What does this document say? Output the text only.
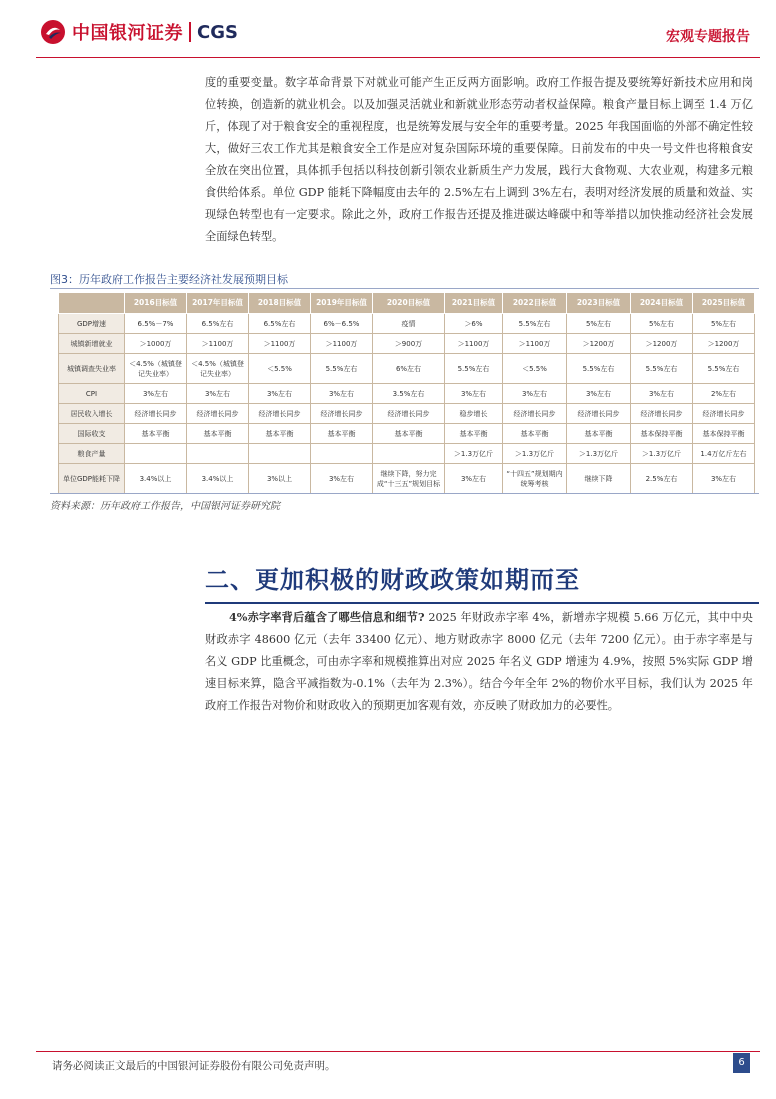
中国银河证券 CGS	宏观专题报告

度的重要变量。数字革命背景下对就业可能产生正反两方面影响。政府工作报告提及要统筹好新技术应用和岗位转换，创造新的就业机会。以及加强灵活就业和新就业形态劳动者权益保障。粮食产量目标上调至 1.4 万亿斤，体现了对于粮食安全的重视程度，也是统筹发展与安全年的重要考量。2025 年我国面临的外部不确定性较大，做好三农工作尤其是粮食安全工作是应对复杂国际环境的重要保障。日前发布的中央一号文件也将粮食安全放在突出位置，具体抓手包括以科技创新引领农业新质生产力发展，践行大食物观、大农业观，构建多元粮食供给体系。单位 GDP 能耗下降幅度由去年的 2.5%左右上调到 3%左右，表明对经济发展的质量和效益、实现绿色转型也有一定要求。除此之外，政府工作报告还提及推进碳达峰碳中和等举措以加快推动经济社会发展全面绿色转型。

图3：历年政府工作报告主要经济社发展预期目标
	2016目标值	2017年目标值	2018目标值	2019年目标值	2020目标值	2021目标值	2022目标值	2023目标值	2024目标值	2025目标值
GDP增速	6.5%－7%	6.5%左右	6.5%左右	6%－6.5%	疫情	＞6%	5.5%左右	5%左右	5%左右	5%左右
城镇新增就业	＞1000万	＞1100万	＞1100万	＞1100万	＞900万	＞1100万	＞1100万	＞1200万	＞1200万	＞1200万
城镇调查失业率	＜4.5%（城镇登记失业率）	＜4.5%（城镇登记失业率）	＜5.5%	5.5%左右	6%左右	5.5%左右	＜5.5%	5.5%左右	5.5%左右	5.5%左右
CPI	3%左右	3%左右	3%左右	3%左右	3.5%左右	3%左右	3%左右	3%左右	3%左右	2%左右
居民收入增长	经济增长同步	经济增长同步	经济增长同步	经济增长同步	经济增长同步	稳步增长	经济增长同步	经济增长同步	经济增长同步	经济增长同步
国际收支	基本平衡	基本平衡	基本平衡	基本平衡	基本平衡	基本平衡	基本平衡	基本平衡	基本保持平衡	基本保持平衡
粮食产量						＞1.3万亿斤	＞1.3万亿斤	＞1.3万亿斤	＞1.3万亿斤	1.4万亿斤左右
单位GDP能耗下降	3.4%以上	3.4%以上	3%以上	3%左右	继续下降，努力完成“十三五”规划目标	3%左右	“十四五”规划期内统筹考核	继续下降	2.5%左右	3%左右
资料来源：历年政府工作报告，中国银河证券研究院
二、更加积极的财政政策如期而至

4%赤字率背后蕴含了哪些信息和细节? 2025 年财政赤字率 4%，新增赤字规模 5.66 万亿元，其中中央财政赤字 48600 亿元（去年 33400 亿元）、地方财政赤字 8000 亿元（去年 7200 亿元）。由于赤字率是与名义 GDP 比重概念，可由赤字率和规模推算出对应 2025 年名义 GDP 增速为 4.9%，按照 5%实际 GDP 增速目标来算，隐含平减指数为-0.1%（去年为 2.3%）。结合今年全年 2%的物价水平目标，我们认为 2025 年政府工作报告对物价和财政收入的预期更加客观有效，亦反映了财政加力的必要性。

请务必阅读正文最后的中国银河证券股份有限公司免责声明。	6
